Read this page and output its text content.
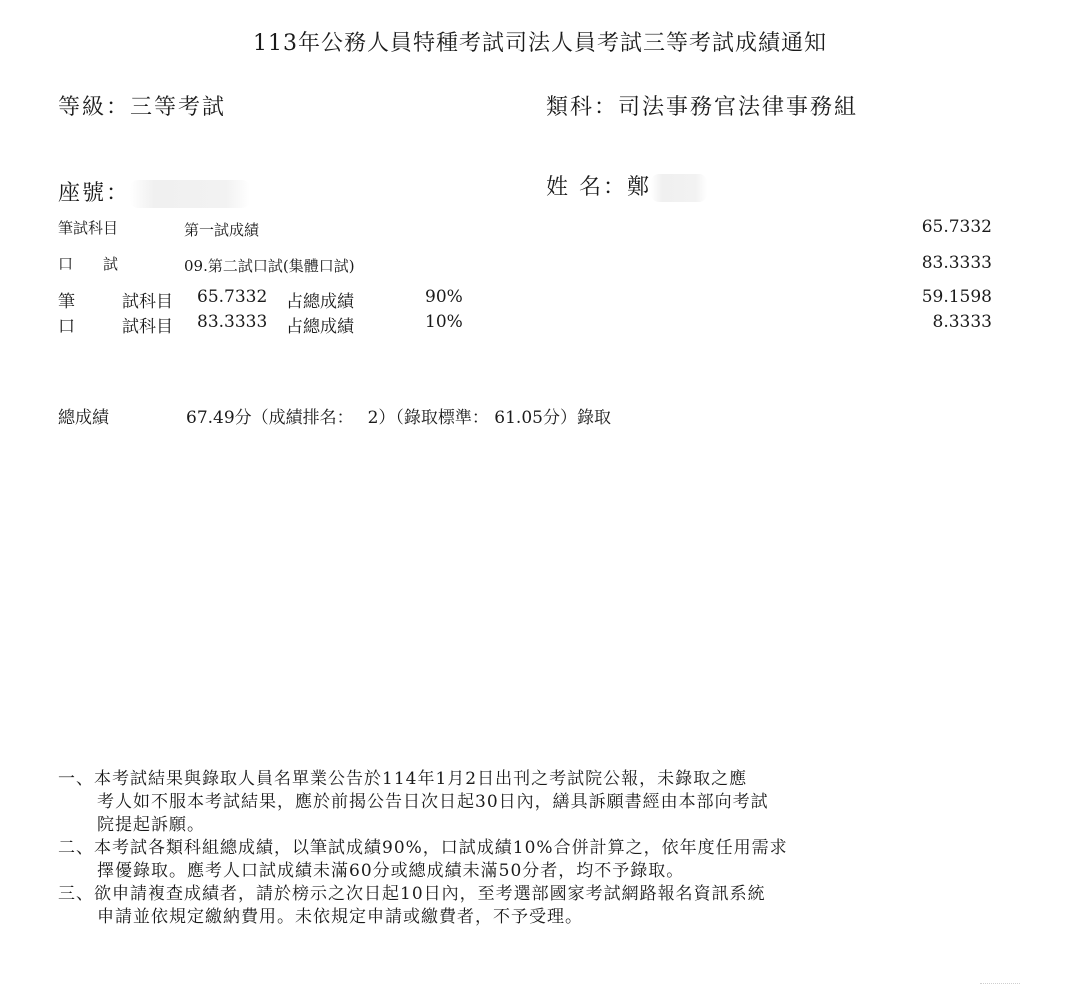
113年公務人員特種考試司法人員考試三等考試成績通知
等級：三等考試	類科：司法事務官法律事務組
座號：	姓 名：鄭
筆試科目	第一試成績	65.7332
口　　試	09.第二試口試(集體口試)	83.3333
筆	試科目 65.7332 占總成績	90%	59.1598
口	試科目 83.3333 占總成績	10%	8.3333
總成績	67.49分（成績排名：　 2）（錄取標準： 61.05分）錄取
一、本考試結果與錄取人員名單業公告於114年1月2日出刊之考試院公報，未錄取之應
考人如不服本考試結果，應於前揭公告日次日起30日內，繕具訴願書經由本部向考試
院提起訴願。
二、本考試各類科組總成績，以筆試成績90%，口試成績10%合併計算之，依年度任用需求
擇優錄取。應考人口試成績未滿60分或總成績未滿50分者，均不予錄取。
三、欲申請複查成績者，請於榜示之次日起10日內，至考選部國家考試網路報名資訊系統
申請並依規定繳納費用。未依規定申請或繳費者，不予受理。
